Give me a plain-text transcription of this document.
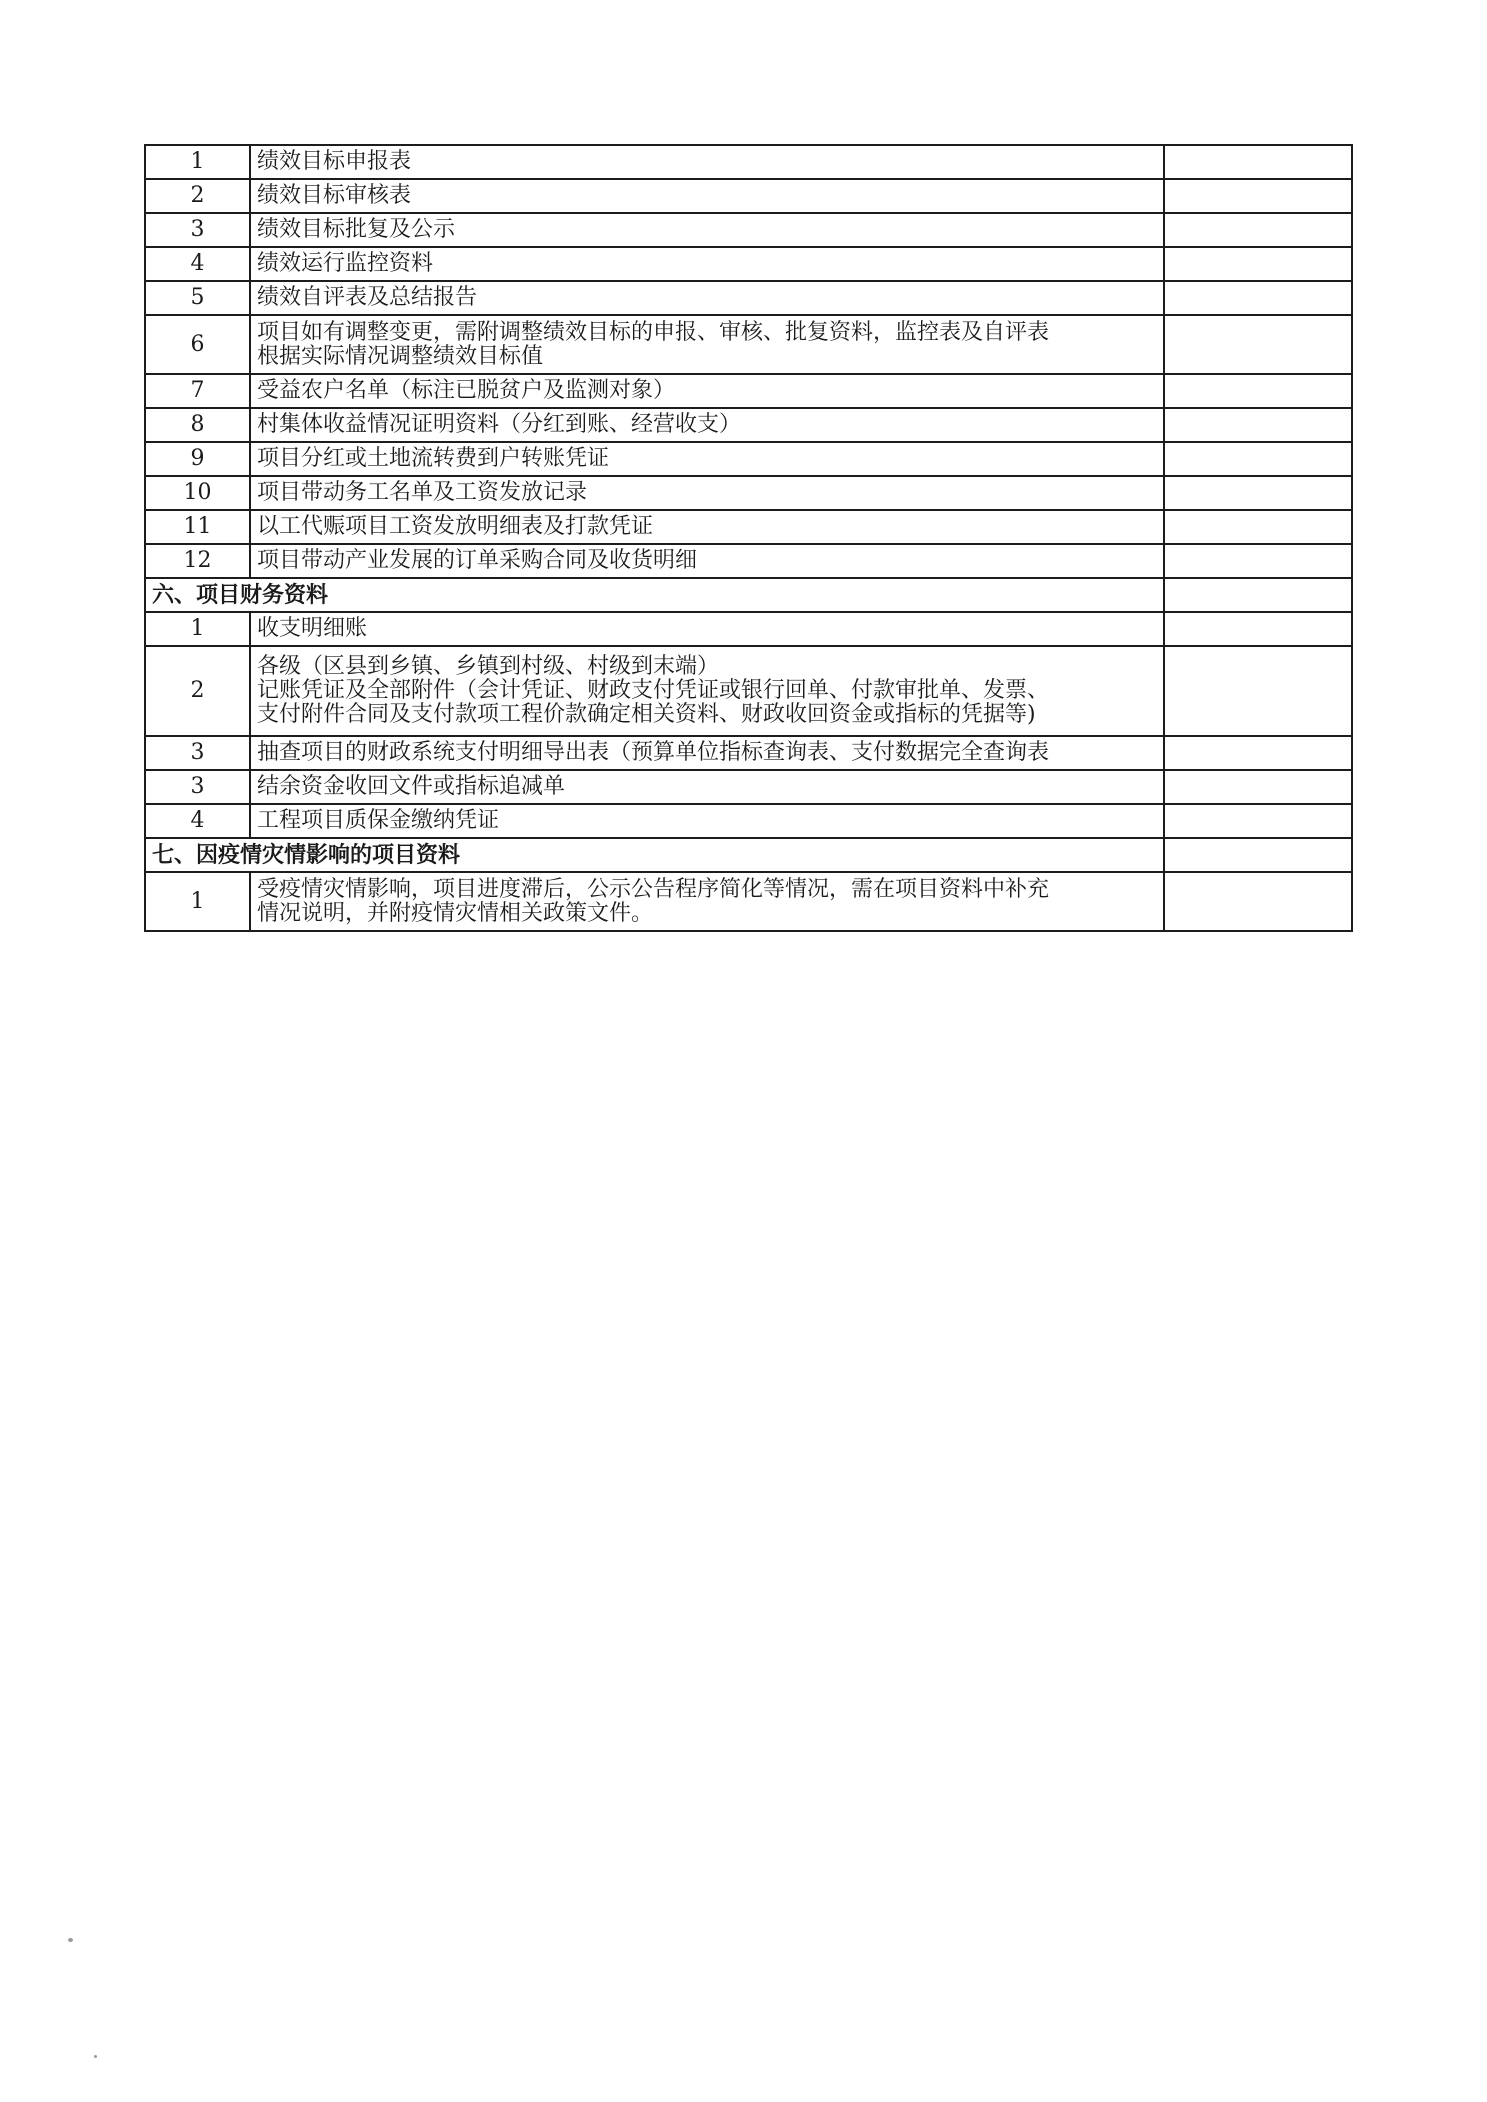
1	绩效目标申报表	
2	绩效目标审核表	
3	绩效目标批复及公示	
4	绩效运行监控资料	
5	绩效自评表及总结报告	
6	项目如有调整变更，需附调整绩效目标的申报、审核、批复资料，监控表及自评表
根据实际情况调整绩效目标值	

7	受益农户名单（标注已脱贫户及监测对象）	
8	村集体收益情况证明资料（分红到账、经营收支）	
9	项目分红或土地流转费到户转账凭证	
10	项目带动务工名单及工资发放记录	
11	以工代赈项目工资发放明细表及打款凭证	
12	项目带动产业发展的订单采购合同及收货明细	
六、项目财务资料		
1	收支明细账	
2	各级（区县到乡镇、乡镇到村级、村级到末端）
记账凭证及全部附件（会计凭证、财政支付凭证或银行回单、付款审批单、发票、
支付附件合同及支付款项工程价款确定相关资料、财政收回资金或指标的凭据等)	

3	抽查项目的财政系统支付明细导出表（预算单位指标查询表、支付数据完全查询表	
3	结余资金收回文件或指标追减单	
4	工程项目质保金缴纳凭证	
七、因疫情灾情影响的项目资料		
1	受疫情灾情影响，项目进度滞后，公示公告程序简化等情况，需在项目资料中补充
情况说明，并附疫情灾情相关政策文件。	
